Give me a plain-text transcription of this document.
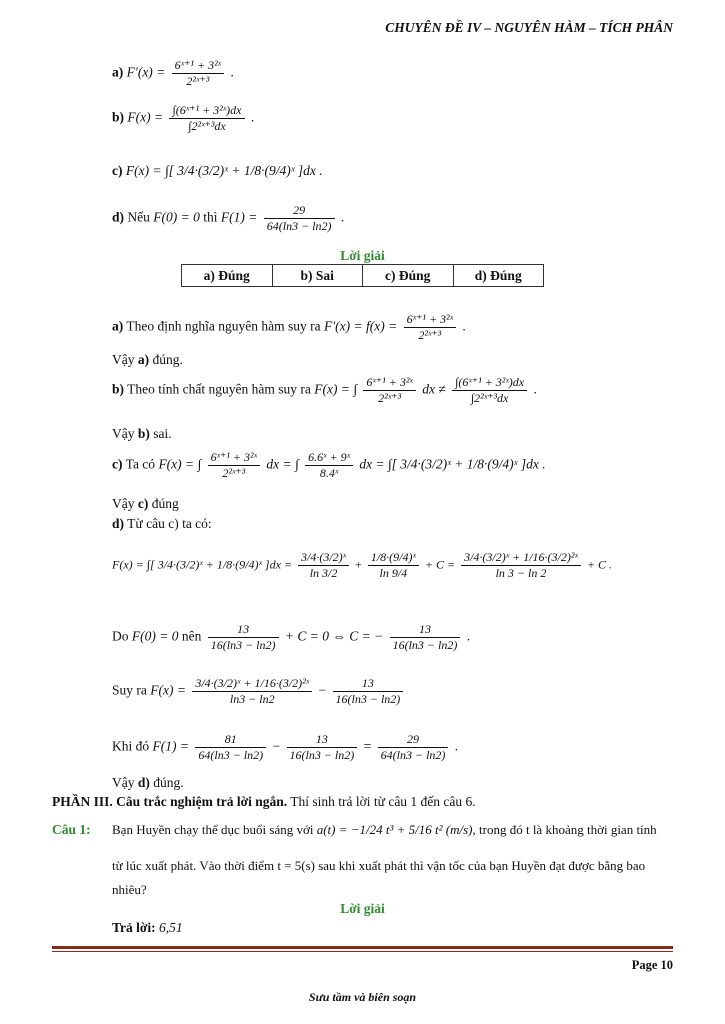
CHUYÊN ĐỀ IV – NGUYÊN HÀM – TÍCH PHÂN
a) $F'(x) = \frac{\text{6ˣ⁺¹ + 3²ˣ}}{\text{2²ˣ⁺³}}$ .
b) $F(x) = \frac{\text{∫(6ˣ⁺¹ + 3²ˣ)dx}}{\text{∫2²ˣ⁺³dx}}$ .
c) F(x) = ∫[ 3/4·(3/2)ˣ + 1/8·(9/4)ˣ ]dx .
d) Nếu F(0) = 0 thì $F(1) = \frac{29}{64(\ln 3 - \ln 2)}$ .
Lời giải
a) Đúng	b) Sai	c) Đúng	d) Đúng
a) Theo định nghĩa nguyên hàm suy ra $F'(x) = f(x) = \frac{\text{6ˣ⁺¹ + 3²ˣ}}{\text{2²ˣ⁺³}}$ .
Vậy a) đúng.
b) Theo tính chất nguyên hàm suy ra F(x) = ∫ $\frac{\text{6ˣ⁺¹ + 3²ˣ}}{\text{2²ˣ⁺³}}$ dx ≠ $\frac{\text{∫(6ˣ⁺¹ + 3²ˣ)dx}}{\text{∫2²ˣ⁺³dx}}$ .
Vậy b) sai.
c) Ta có F(x) = ∫ $\frac{\text{6ˣ⁺¹ + 3²ˣ}}{\text{2²ˣ⁺³}}$ dx = ∫ $\frac{\text{6.6ˣ + 9ˣ}}{\text{8.4ˣ}}$ dx = ∫[ 3/4·(3/2)ˣ + 1/8·(9/4)ˣ ]dx .
Vậy c) đúng
d) Từ câu c) ta có:
F(x) = ∫[ 3/4·(3/2)ˣ + 1/8·(9/4)ˣ ]$dx = \frac{\text{3/4·(3/2)ˣ}}{\ln 3/2} + \frac{\text{1/8·(9/4)ˣ}}{\ln 9/4} + C = \frac{\text{3/4·(3/2)ˣ + 1/16·(3/2)²ˣ}}{\ln 3 - \ln 2} + C$ .
Do F(0) = 0 nên $\frac{13}{16(\ln 3 - \ln 2)} + C = 0$ ⇔ C = − $\frac{13}{16(\ln 3 - \ln 2)}$ .
Suy ra $F(x) = \frac{\text{3/4·(3/2)ˣ + 1/16·(3/2)²ˣ}}{\ln 3 - \ln 2} - \frac{13}{16(\ln 3 - \ln 2)}$
Khi đó $F(1) = \frac{81}{64(\ln 3 - \ln 2)} - \frac{13}{16(\ln 3 - \ln 2)} = \frac{29}{64(\ln 3 - \ln 2)}$ .
Vậy d) đúng.
PHẦN III. Câu trắc nghiệm trả lời ngắn. Thí sinh trả lời từ câu 1 đến câu 6.
Câu 1: Bạn Huyền chạy thể dục buổi sáng với a(t) = −1/24 t³ + 5/16 t² (m/s), trong đó t là khoảng thời gian tính
từ lúc xuất phát. Vào thời điểm t = 5(s) sau khi xuất phát thì vận tốc của bạn Huyền đạt được bằng bao
nhiêu?
Lời giải
Trả lời: 6,51
Page 10
Sưu tầm và biên soạn
